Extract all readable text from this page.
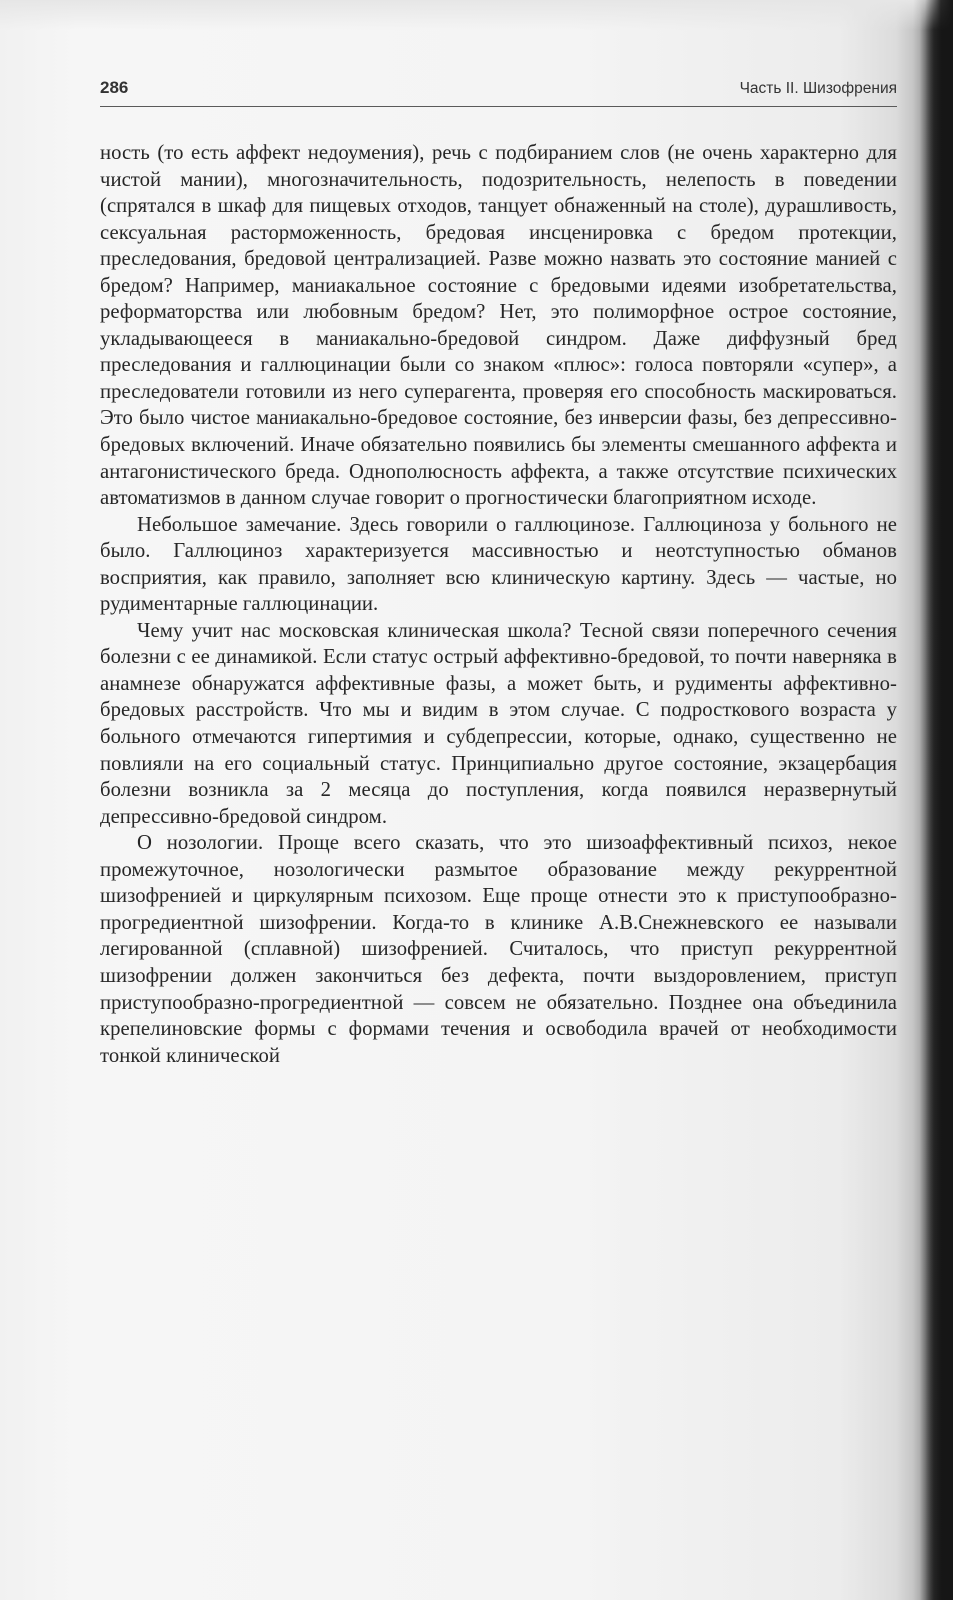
286	Часть II. Шизофрения

ность (то есть аффект недоумения), речь с подбиранием слов (не очень характерно для чистой мании), многозначительность, подозрительность, нелепость в поведении (спрятался в шкаф для пищевых отходов, танцует обнаженный на столе), дурашливость, сексуальная расторможенность, бредовая инсценировка с бредом протекции, преследования, бредовой централизацией. Разве можно назвать это состояние манией с бредом? Например, маниакальное состояние с бредовыми идеями изобретательства, реформаторства или любовным бредом? Нет, это полиморфное острое состояние, укладывающееся в маниакально-бредовой синдром. Даже диффузный бред преследования и галлюцинации были со знаком «плюс»: голоса повторяли «супер», а преследователи готовили из него суперагента, проверяя его способность маскироваться. Это было чистое маниакально-бредовое состояние, без инверсии фазы, без депрессивно-бредовых включений. Иначе обязательно появились бы элементы смешанного аффекта и антагонистического бреда. Однополюсность аффекта, а также отсутствие психических автоматизмов в данном случае говорит о прогностически благоприятном исходе.

Небольшое замечание. Здесь говорили о галлюцинозе. Галлюциноза у больного не было. Галлюциноз характеризуется массивностью и неотступностью обманов восприятия, как правило, заполняет всю клиническую картину. Здесь — частые, но рудиментарные галлюцинации.

Чему учит нас московская клиническая школа? Тесной связи поперечного сечения болезни с ее динамикой. Если статус острый аффективно-бредовой, то почти наверняка в анамнезе обнаружатся аффективные фазы, а может быть, и рудименты аффективно-бредовых расстройств. Что мы и видим в этом случае. С подросткового возраста у больного отмечаются гипертимия и субдепрессии, которые, однако, существенно не повлияли на его социальный статус. Принципиально другое состояние, экзацербация болезни возникла за 2 месяца до поступления, когда появился неразвернутый депрессивно-бредовой синдром.

О нозологии. Проще всего сказать, что это шизоаффективный психоз, некое промежуточное, нозологически размытое образование между рекуррентной шизофренией и циркулярным психозом. Еще проще отнести это к приступообразно-прогредиентной шизофрении. Когда-то в клинике А.В.Снежневского ее называли легированной (сплавной) шизофренией. Считалось, что приступ рекуррентной шизофрении должен закончиться без дефекта, почти выздоровлением, приступ приступообразно-прогредиентной — совсем не обязательно. Позднее она объединила крепелиновские формы с формами течения и освободила врачей от необходимости тонкой клинической
